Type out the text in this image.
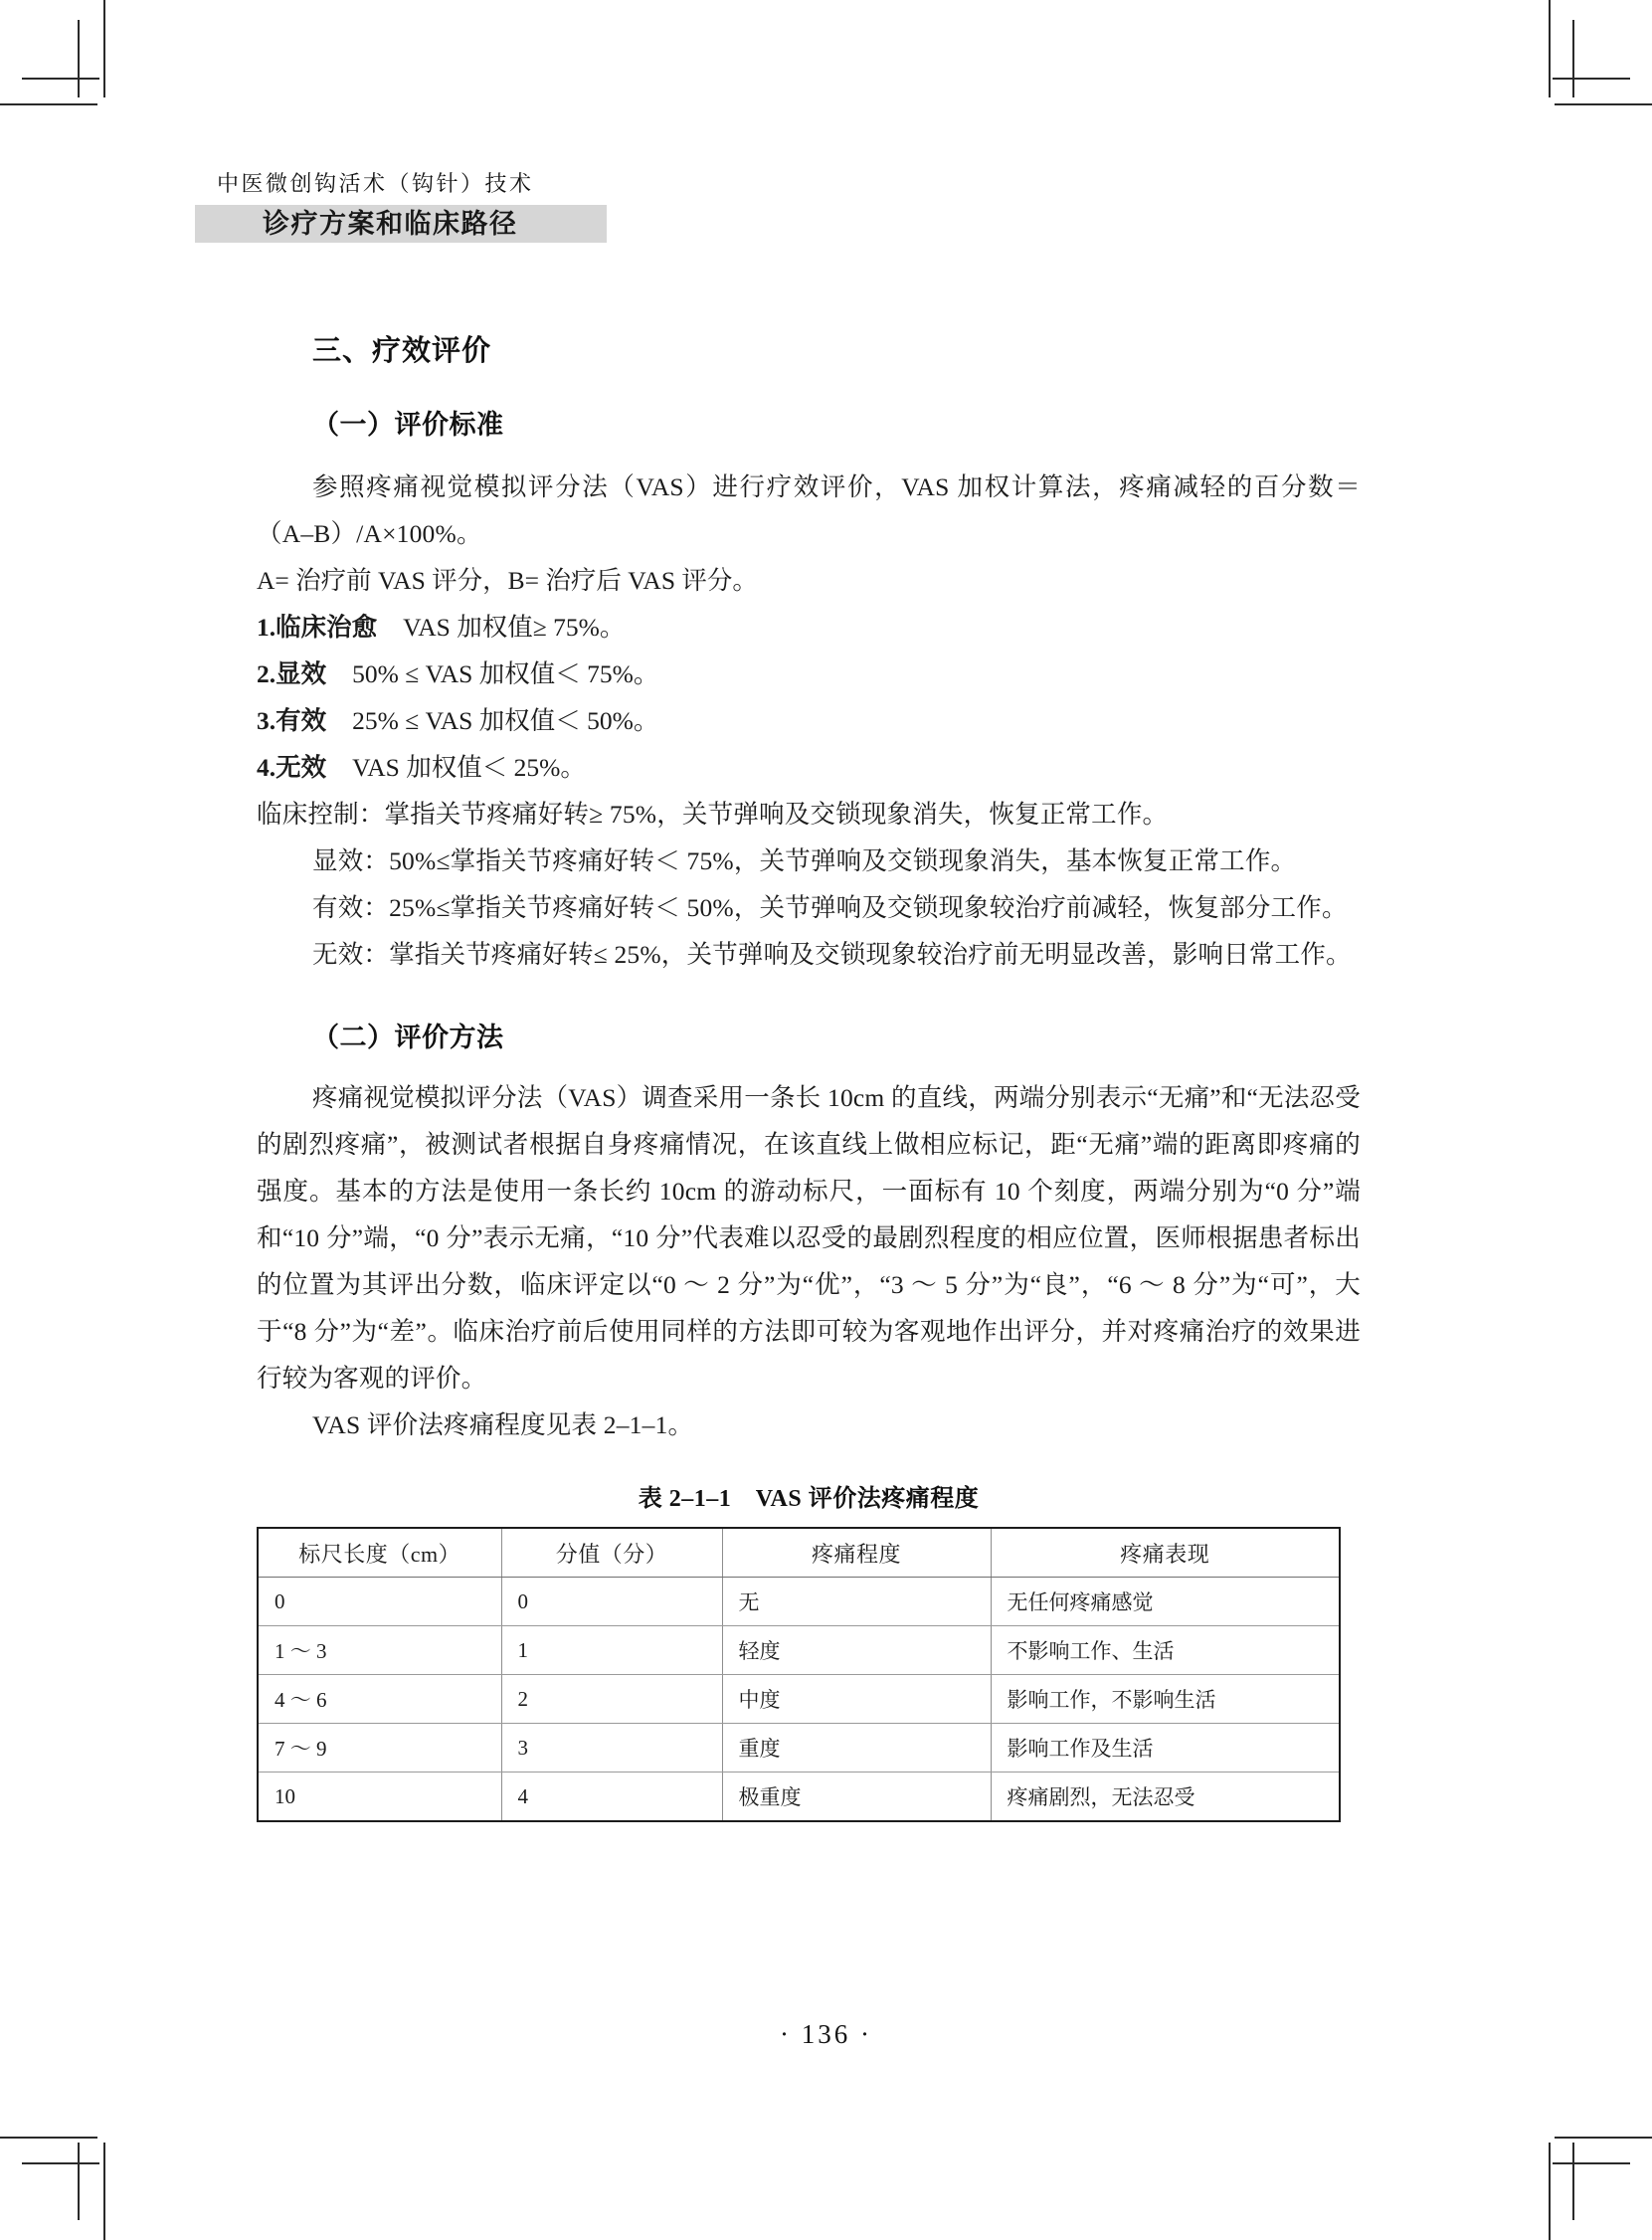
中医微创钩活术（钩针）技术
诊疗方案和临床路径
三、疗效评价
（一）评价标准

参照疼痛视觉模拟评分法（VAS）进行疗效评价，VAS 加权计算法，疼痛减轻的百分数＝（A–B）/A×100%。

A= 治疗前 VAS 评分，B= 治疗后 VAS 评分。

1.临床治愈 VAS 加权值≥ 75%。

2.显效 50% ≤ VAS 加权值＜ 75%。

3.有效 25% ≤ VAS 加权值＜ 50%。

4.无效 VAS 加权值＜ 25%。

临床控制：掌指关节疼痛好转≥ 75%，关节弹响及交锁现象消失，恢复正常工作。

显效：50%≤掌指关节疼痛好转＜ 75%，关节弹响及交锁现象消失，基本恢复正常工作。

有效：25%≤掌指关节疼痛好转＜ 50%，关节弹响及交锁现象较治疗前减轻，恢复部分工作。

无效：掌指关节疼痛好转≤ 25%，关节弹响及交锁现象较治疗前无明显改善，影响日常工作。

（二）评价方法

疼痛视觉模拟评分法（VAS）调查采用一条长 10cm 的直线，两端分别表示“无痛”和“无法忍受的剧烈疼痛”，被测试者根据自身疼痛情况，在该直线上做相应标记，距“无痛”端的距离即疼痛的强度。基本的方法是使用一条长约 10cm 的游动标尺，一面标有 10 个刻度，两端分别为“0 分”端和“10 分”端，“0 分”表示无痛，“10 分”代表难以忍受的最剧烈程度的相应位置，医师根据患者标出的位置为其评出分数，临床评定以“0 ～ 2 分”为“优”，“3 ～ 5 分”为“良”，“6 ～ 8 分”为“可”，大于“8 分”为“差”。临床治疗前后使用同样的方法即可较为客观地作出评分，并对疼痛治疗的效果进行较为客观的评价。

VAS 评价法疼痛程度见表 2–1–1。

表 2–1–1　VAS 评价法疼痛程度
标尺长度（cm）	分值（分）	疼痛程度	疼痛表现
0	0	无	无任何疼痛感觉
1 ～ 3	1	轻度	不影响工作、生活
4 ～ 6	2	中度	影响工作，不影响生活
7 ～ 9	3	重度	影响工作及生活
10	4	极重度	疼痛剧烈，无法忍受
· 136 ·
